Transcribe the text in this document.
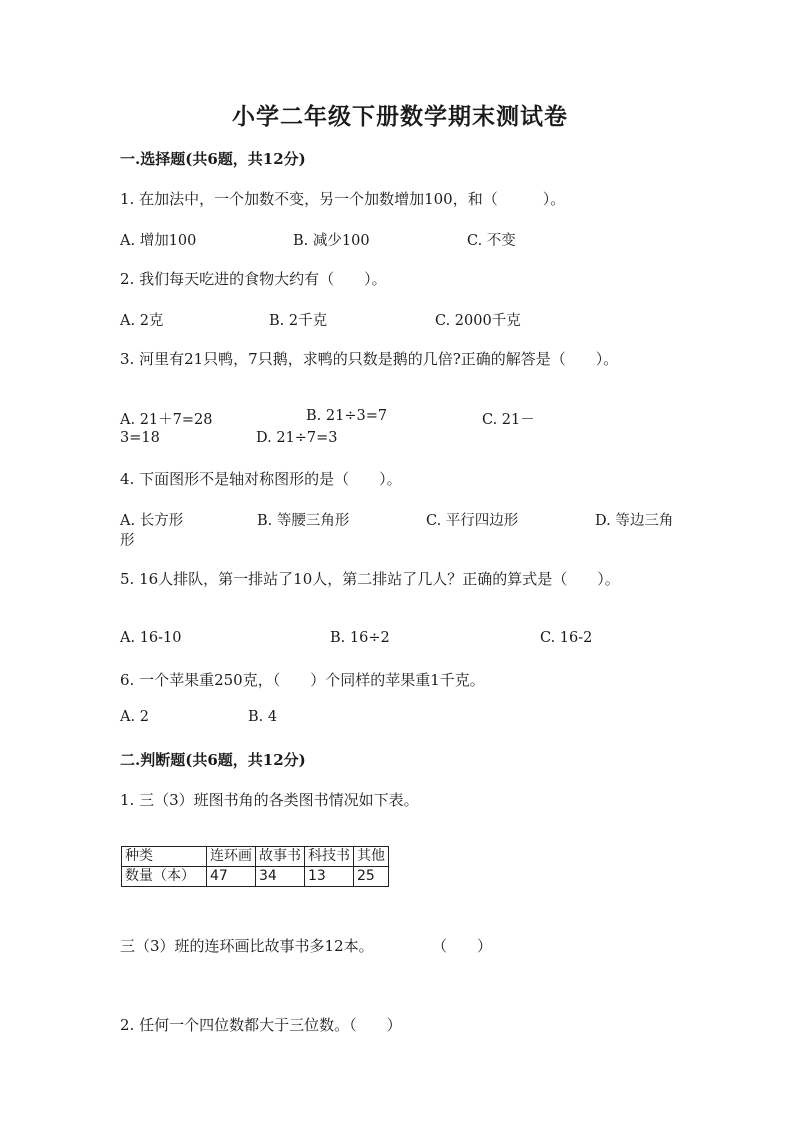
小学二年级下册数学期末测试卷
一.选择题(共6题，共12分)
1. 在加法中，一个加数不变，另一个加数增加100，和（　　　）。
A. 增加100	B. 减少100	C. 不变
2. 我们每天吃进的食物大约有（　　）。
A. 2克	B. 2千克	C. 2000千克
3. 河里有21只鸭，7只鹅，求鸭的只数是鹅的几倍?正确的解答是（　　）。
A. 21＋7=28	B. 21÷3=7	C. 21－
3=18	D. 21÷7=3
4. 下面图形不是轴对称图形的是（　　）。
A. 长方形	B. 等腰三角形	C. 平行四边形	D. 等边三角
形
5. 16人排队，第一排站了10人，第二排站了几人？正确的算式是（　　）。
A. 16-10	B. 16÷2	C. 16-2
6. 一个苹果重250克，（　　）个同样的苹果重1千克。
A. 2	B. 4
二.判断题(共6题，共12分)
1. 三（3）班图书角的各类图书情况如下表。
种类	连环画	故事书	科技书	其他
数量（本）	47	34	13	25
三（3）班的连环画比故事书多12本。	（　　）
2. 任何一个四位数都大于三位数。（　　）
